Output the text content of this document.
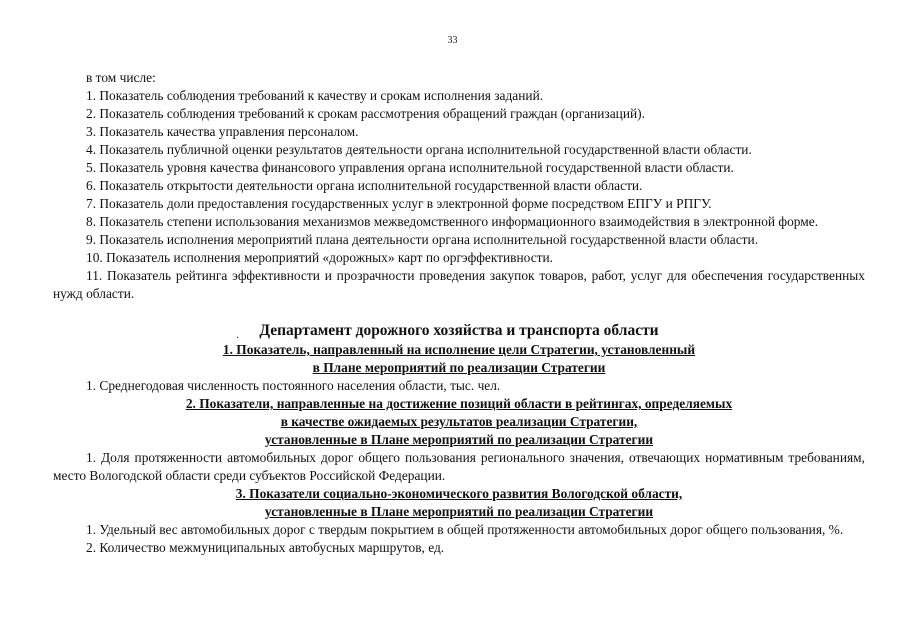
33
·

в том числе:

1. Показатель соблюдения требований к качеству и срокам исполнения заданий.

2. Показатель соблюдения требований к срокам рассмотрения обращений граждан (организаций).

3. Показатель качества управления персоналом.

4. Показатель публичной оценки результатов деятельности органа исполнительной государственной власти области.

5. Показатель уровня качества финансового управления органа исполнительной государственной власти области.

6. Показатель открытости деятельности органа исполнительной государственной власти области.

7. Показатель доли предоставления государственных услуг в электронной форме посредством ЕПГУ и РПГУ.

8. Показатель степени использования механизмов межведомственного информационного взаимодействия в электронной форме.

9. Показатель исполнения мероприятий плана деятельности органа исполнительной государственной власти области.

10. Показатель исполнения мероприятий «дорожных» карт по оргэффективности.

11. Показатель рейтинга эффективности и прозрачности проведения закупок товаров, работ, услуг для обеспечения государственных нужд области.

Департамент дорожного хозяйства и транспорта области

1. Показатель, направленный на исполнение цели Стратегии, установленный

в Плане мероприятий по реализации Стратегии

1. Среднегодовая численность постоянного населения области, тыс. чел.

2. Показатели, направленные на достижение позиций области в рейтингах, определяемых

в качестве ожидаемых результатов реализации Стратегии,

установленные в Плане мероприятий по реализации Стратегии

1. Доля протяженности автомобильных дорог общего пользования регионального значения, отвечающих нормативным требованиям, место Вологодской области среди субъектов Российской Федерации.

3. Показатели социально-экономического развития Вологодской области,

установленные в Плане мероприятий по реализации Стратегии

1. Удельный вес автомобильных дорог с твердым покрытием в общей протяженности автомобильных дорог общего пользования, %.

2. Количество межмуниципальных автобусных маршрутов, ед.
